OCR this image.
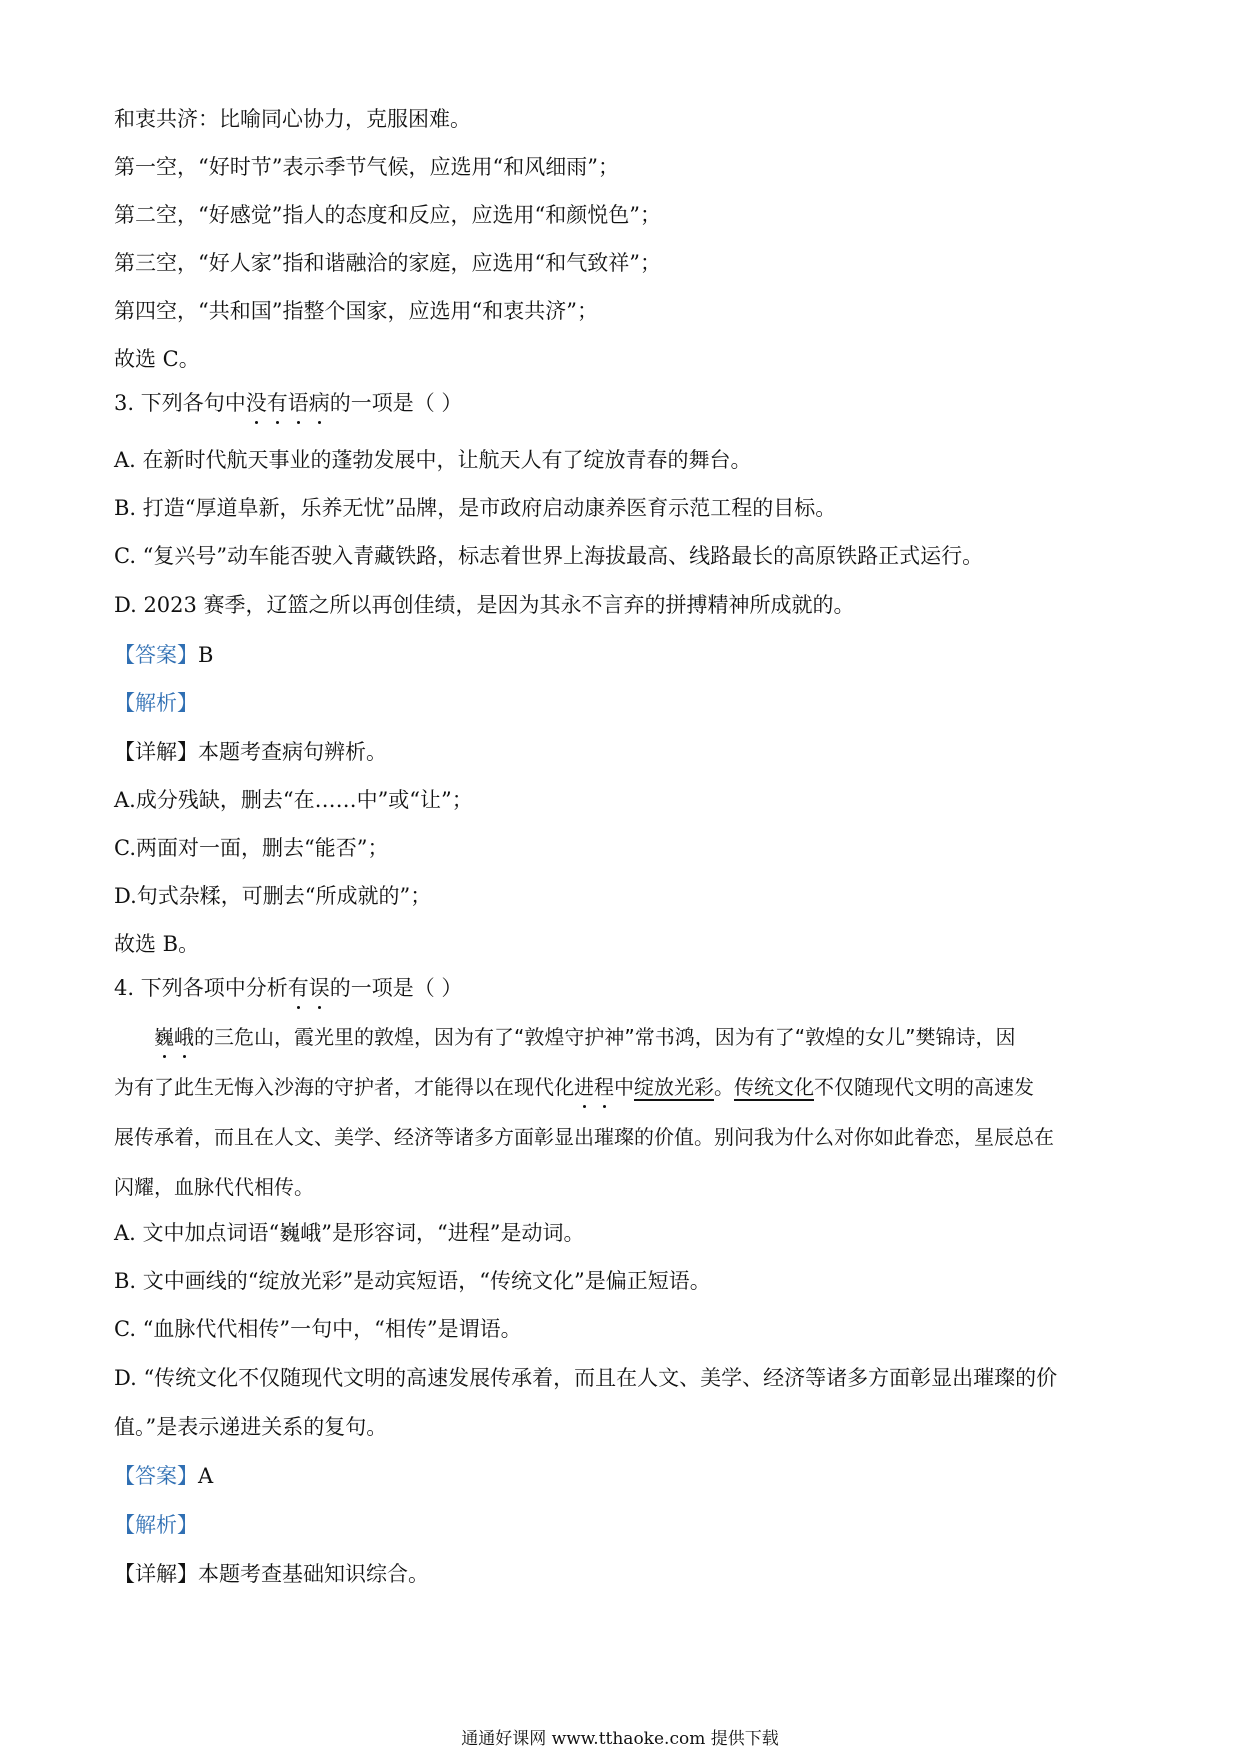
和衷共济：比喻同心协力，克服困难。
第一空，“好时节”表示季节气候，应选用“和风细雨”；
第二空，“好感觉”指人的态度和反应，应选用“和颜悦色”；
第三空，“好人家”指和谐融洽的家庭，应选用“和气致祥”；
第四空，“共和国”指整个国家，应选用“和衷共济”；
故选 C。
3. 下列各句中没有语病的一项是（ ）
A. 在新时代航天事业的蓬勃发展中，让航天人有了绽放青春的舞台。
B. 打造“厚道阜新，乐养无忧”品牌，是市政府启动康养医育示范工程的目标。
C. “复兴号”动车能否驶入青藏铁路，标志着世界上海拔最高、线路最长的高原铁路正式运行。
D. 2023 赛季，辽篮之所以再创佳绩，是因为其永不言弃的拼搏精神所成就的。
【答案】B
【解析】
【详解】本题考查病句辨析。
A.成分残缺，删去“在……中”或“让”；
C.两面对一面，删去“能否”；
D.句式杂糅，可删去“所成就的”；
故选 B。
4. 下列各项中分析有误的一项是（ ）
巍峨的三危山，霞光里的敦煌，因为有了“敦煌守护神”常书鸿，因为有了“敦煌的女儿”樊锦诗，因
为有了此生无悔入沙海的守护者，才能得以在现代化进程中绽放光彩。传统文化不仅随现代文明的高速发
展传承着，而且在人文、美学、经济等诸多方面彰显出璀璨的价值。别问我为什么对你如此眷恋，星辰总在
闪耀，血脉代代相传。
A. 文中加点词语“巍峨”是形容词，“进程”是动词。
B. 文中画线的“绽放光彩”是动宾短语，“传统文化”是偏正短语。
C. “血脉代代相传”一句中，“相传”是谓语。
D. “传统文化不仅随现代文明的高速发展传承着，而且在人文、美学、经济等诸多方面彰显出璀璨的价
值。”是表示递进关系的复句。
【答案】A
【解析】
【详解】本题考查基础知识综合。
通通好课网 www.tthaoke.com 提供下载
